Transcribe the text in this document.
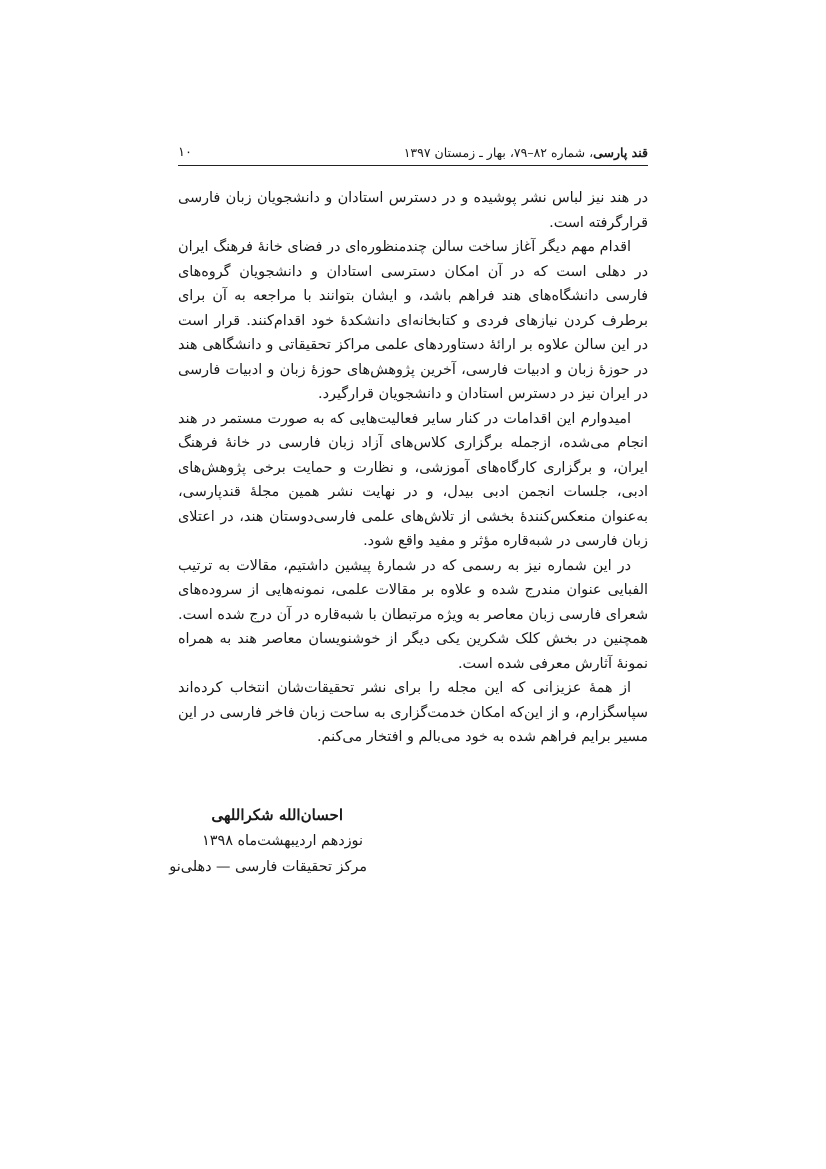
قند پارسی، شماره ۸۲–۷۹، بهار ـ زمستان ۱۳۹۷
۱۰

در هند نیز لباس نشر پوشیده و در دسترس استادان و دانشجویان زبان فارسی قرارگرفته است.

اقدام مهم دیگر آغاز ساخت سالن چندمنظوره‌ای در فضای خانهٔ فرهنگ ایران در دهلی است که در آن امکان دسترسی استادان و دانشجویان گروه‌های فارسی دانشگاه‌های هند فراهم باشد، و ایشان بتوانند با مراجعه به آن برای برطرف کردن نیازهای فردی و کتابخانه‌ای دانشکدهٔ خود اقدام‌کنند. قرار است در این سالن علاوه بر ارائهٔ دستاوردهای علمی مراکز تحقیقاتی و دانشگاهی هند در حوزهٔ زبان و ادبیات فارسی، آخرین پژوهش‌های حوزهٔ زبان و ادبیات فارسی در ایران نیز در دسترس استادان و دانشجویان قرارگیرد.

امیدوارم این اقدامات در کنار سایر فعالیت‌هایی که به صورت مستمر در هند انجام می‌شده، ازجمله برگزاری کلاس‌های آزاد زبان فارسی در خانهٔ فرهنگ ایران، و برگزاری کارگاه‌های آموزشی، و نظارت و حمایت برخی پژوهش‌های ادبی، جلسات انجمن ادبی بیدل، و در نهایت نشر همین مجلهٔ قندپارسی، به‌عنوان منعکس‌کنندهٔ بخشی از تلاش‌های علمی فارسی‌دوستان هند، در اعتلای زبان فارسی در شبه‌قاره مؤثر و مفید واقع شود.

در این شماره نیز به رسمی که در شمارهٔ پیشین داشتیم، مقالات به ترتیب الفبایی عنوان مندرج شده و علاوه بر مقالات علمی، نمونه‌هایی از سروده‌های شعرای فارسی زبان معاصر به ویژه مرتبطان با شبه‌قاره در آن درج شده است. همچنین در بخش کلک شکرین یکی دیگر از خوشنویسان معاصر هند به همراه نمونهٔ آثارش معرفی شده است.

از همهٔ عزیزانی که این مجله را برای نشر تحقیقات‌شان انتخاب کرده‌اند سپاسگزارم، و از این‌که امکان خدمت‌گزاری به ساحت زبان فاخر فارسی در این مسیر برایم فراهم شده به خود می‌بالم و افتخار می‌کنم.

احسان‌الله شکراللهی
نوزدهم اردیبهشت‌ماه ۱۳۹۸
مرکز تحقیقات فارسی — دهلی‌نو
